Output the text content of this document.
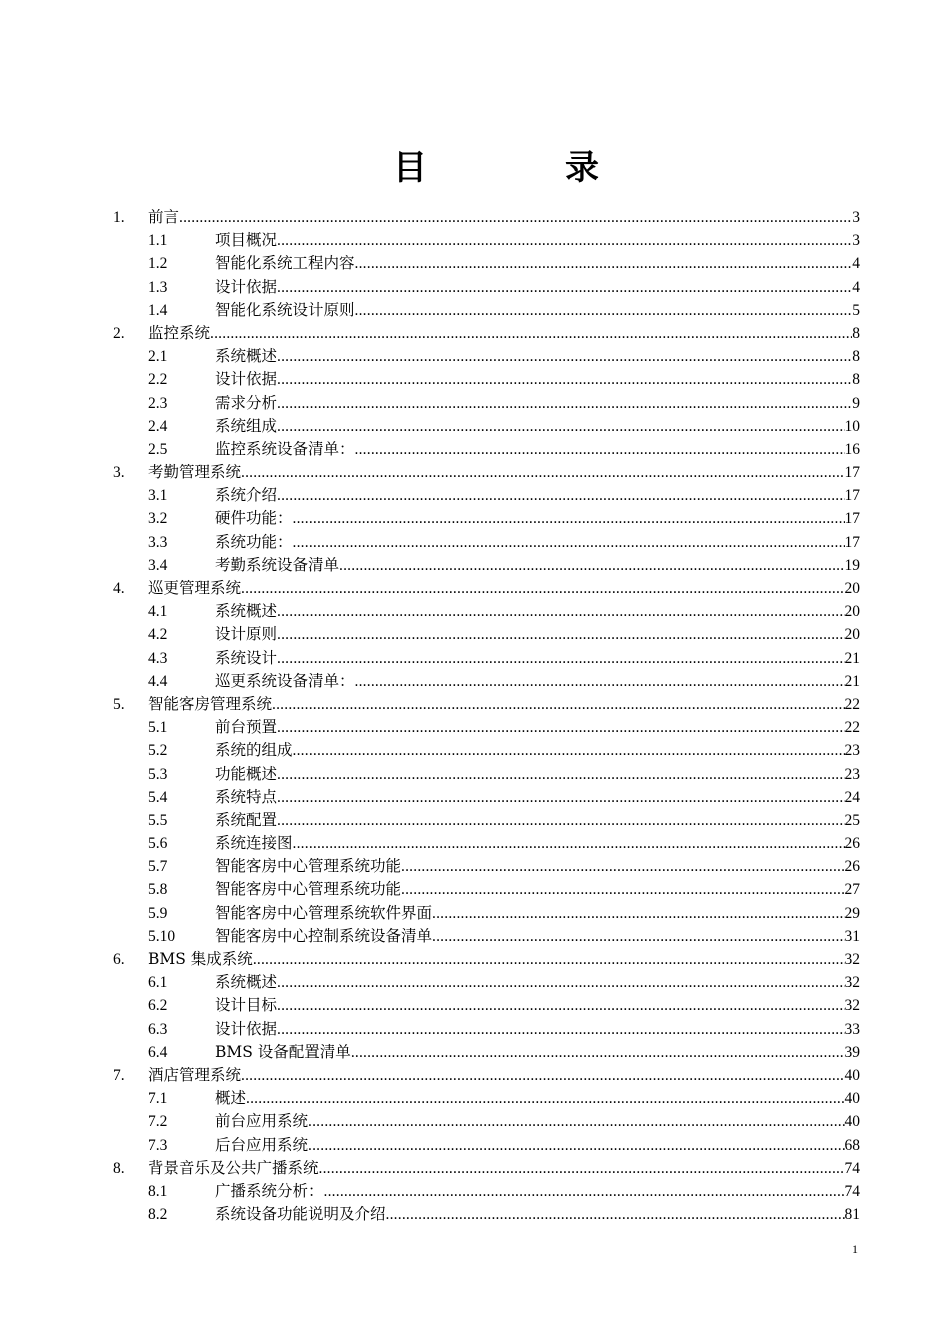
目　录
1.	前言 .....	3
1.1	项目概况 .....	3
1.2	智能化系统工程内容 .....	4
1.3	设计依据 .....	4
1.4	智能化系统设计原则 .....	5
2.	监控系统 .....	8
2.1	系统概述 .....	8
2.2	设计依据 .....	8
2.3	需求分析 .....	9
2.4	系统组成 .....	10
2.5	监控系统设备清单： .....	16
3.	考勤管理系统 .....	17
3.1	系统介绍 .....	17
3.2	硬件功能： .....	17
3.3	系统功能： .....	17
3.4	考勤系统设备清单 .....	19
4.	巡更管理系统 .....	20
4.1	系统概述 .....	20
4.2	设计原则 .....	20
4.3	系统设计 .....	21
4.4	巡更系统设备清单： .....	21
5.	智能客房管理系统 .....	22
5.1	前台预置 .....	22
5.2	系统的组成 .....	23
5.3	功能概述 .....	23
5.4	系统特点 .....	24
5.5	系统配置 .....	25
5.6	系统连接图 .....	26
5.7	智能客房中心管理系统功能 .....	26
5.8	智能客房中心管理系统功能 .....	27
5.9	智能客房中心管理系统软件界面 .....	29
5.10	智能客房中心控制系统设备清单 .....	31
6.	BMS 集成系统 .....	32
6.1	系统概述 .....	32
6.2	设计目标 .....	32
6.3	设计依据 .....	33
6.4	BMS 设备配置清单 .....	39
7.	酒店管理系统 .....	40
7.1	概述 .....	40
7.2	前台应用系统 .....	40
7.3	后台应用系统 .....	68
8.	背景音乐及公共广播系统 .....	74
8.1	广播系统分析： .....	74
8.2	系统设备功能说明及介绍 .....	81
1
